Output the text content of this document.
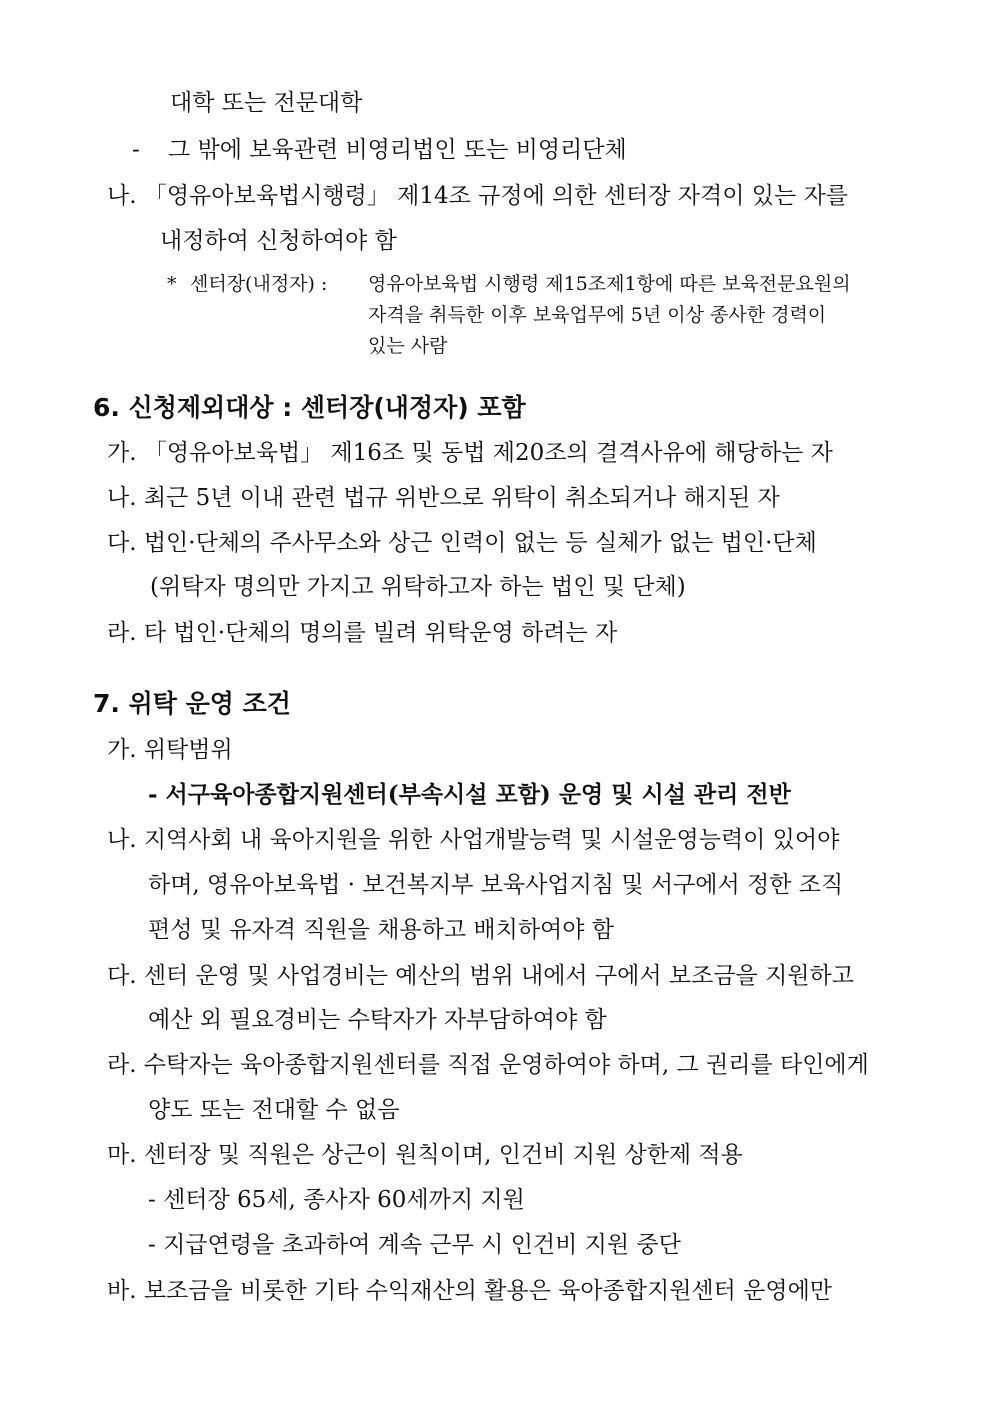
대학 또는 전문대학
- 그 밖에 보육관련 비영리법인 또는 비영리단체
나. 「영유아보육법시행령」 제14조 규정에 의한 센터장 자격이 있는 자를
내정하여 신청하여야 함
* 센터장(내정자) : 영유아보육법 시행령 제15조제1항에 따른 보육전문요원의
자격을 취득한 이후 보육업무에 5년 이상 종사한 경력이
있는 사람
6. 신청제외대상 : 센터장(내정자) 포함
가. 「영유아보육법」 제16조 및 동법 제20조의 결격사유에 해당하는 자
나. 최근 5년 이내 관련 법규 위반으로 위탁이 취소되거나 해지된 자
다. 법인·단체의 주사무소와 상근 인력이 없는 등 실체가 없는 법인·단체
(위탁자 명의만 가지고 위탁하고자 하는 법인 및 단체)
라. 타 법인·단체의 명의를 빌려 위탁운영 하려는 자
7. 위탁 운영 조건
가. 위탁범위
- 서구육아종합지원센터(부속시설 포함) 운영 및 시설 관리 전반
나. 지역사회 내 육아지원을 위한 사업개발능력 및 시설운영능력이 있어야
하며, 영유아보육법 · 보건복지부 보육사업지침 및 서구에서 정한 조직
편성 및 유자격 직원을 채용하고 배치하여야 함
다. 센터 운영 및 사업경비는 예산의 범위 내에서 구에서 보조금을 지원하고
예산 외 필요경비는 수탁자가 자부담하여야 함
라. 수탁자는 육아종합지원센터를 직접 운영하여야 하며, 그 권리를 타인에게
양도 또는 전대할 수 없음
마. 센터장 및 직원은 상근이 원칙이며, 인건비 지원 상한제 적용
- 센터장 65세, 종사자 60세까지 지원
- 지급연령을 초과하여 계속 근무 시 인건비 지원 중단
바. 보조금을 비롯한 기타 수익재산의 활용은 육아종합지원센터 운영에만
